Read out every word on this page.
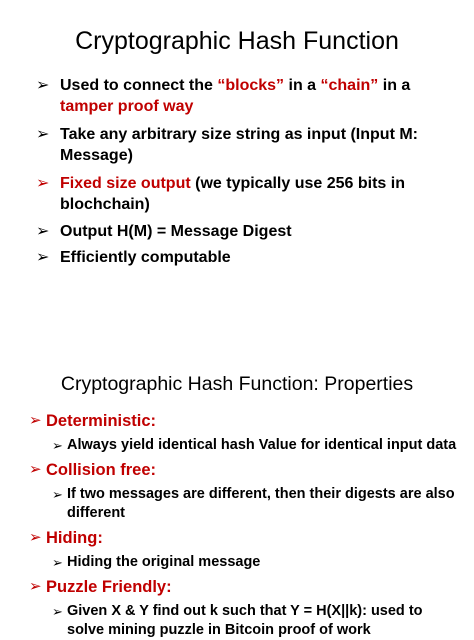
Cryptographic Hash Function
➢ Used to connect the “blocks” in a “chain” in a
tamper proof way
➢ Take any arbitrary size string as input (Input M:
Message)
➢ Fixed size output (we typically use 256 bits in
blochchain)
➢ Output H(M) = Message Digest
➢ Efficiently computable
Cryptographic Hash Function: Properties
➢ Deterministic:
➢ Always yield identical hash Value for identical input data
➢ Collision free:
➢ If two messages are different, then their digests are also
different
➢ Hiding:
➢ Hiding the original message
➢ Puzzle Friendly:
➢ Given X & Y find out k such that Y = H(X||k): used to
solve mining puzzle in Bitcoin proof of work
